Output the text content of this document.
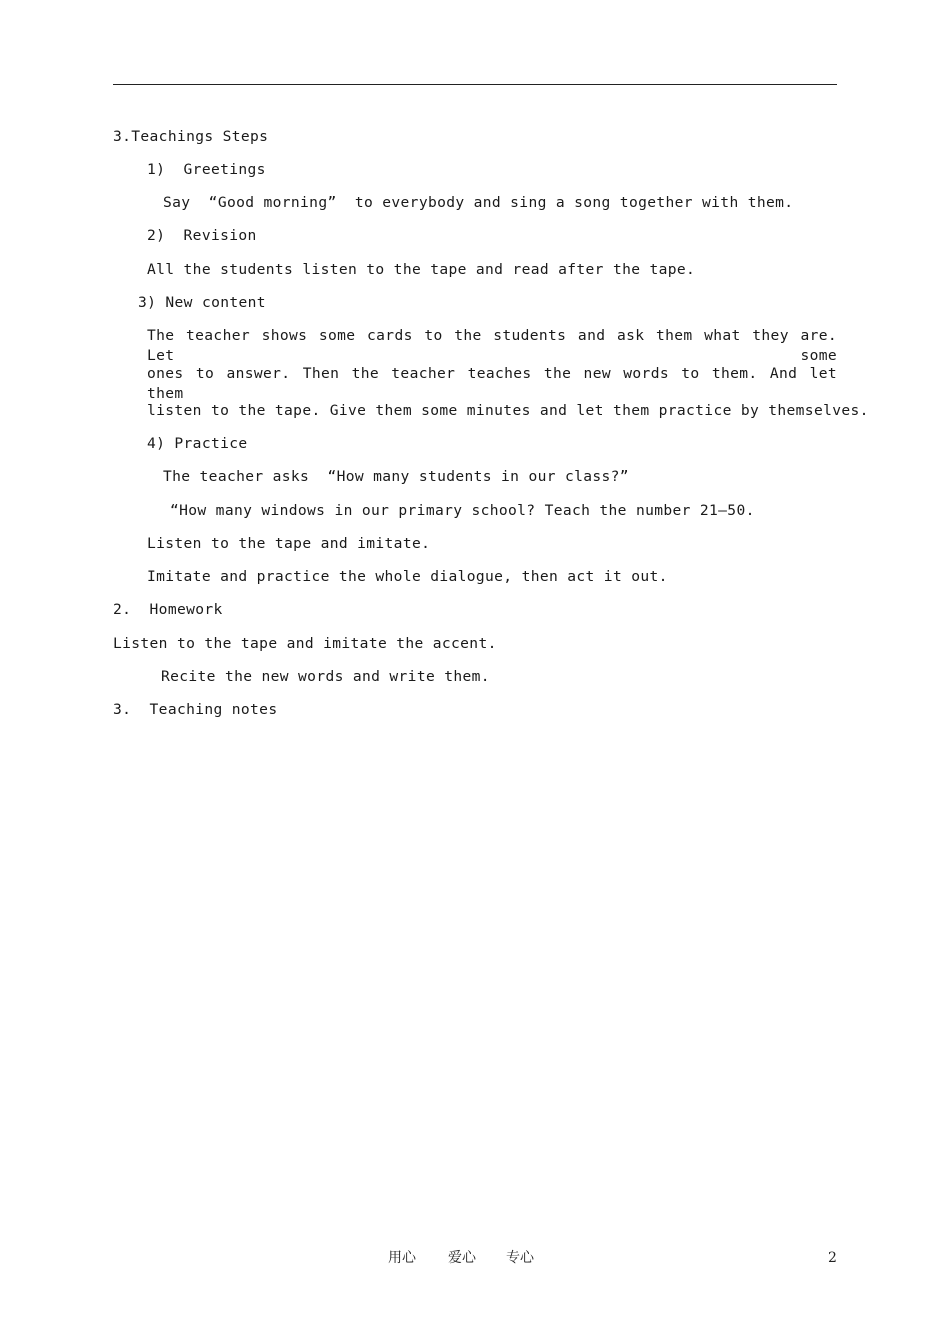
3.Teachings Steps
1)  Greetings
Say  “Good morning”  to everybody and sing a song together with them.
2)  Revision
All the students listen to the tape and read after the tape.
3) New content
The teacher shows some cards to the students and ask them what they are. Let some
ones to answer. Then the teacher teaches the new words to them. And let them
listen to the tape. Give them some minutes and let them practice by themselves.
4) Practice
The teacher asks  “How many students in our class?”
“How many windows in our primary school? Teach the number 21—50.
Listen to the tape and imitate.
Imitate and practice the whole dialogue, then act it out.
2.  Homework
Listen to the tape and imitate the accent.
Recite the new words and write them.
3.  Teaching notes
用心 爱心 专心	2
